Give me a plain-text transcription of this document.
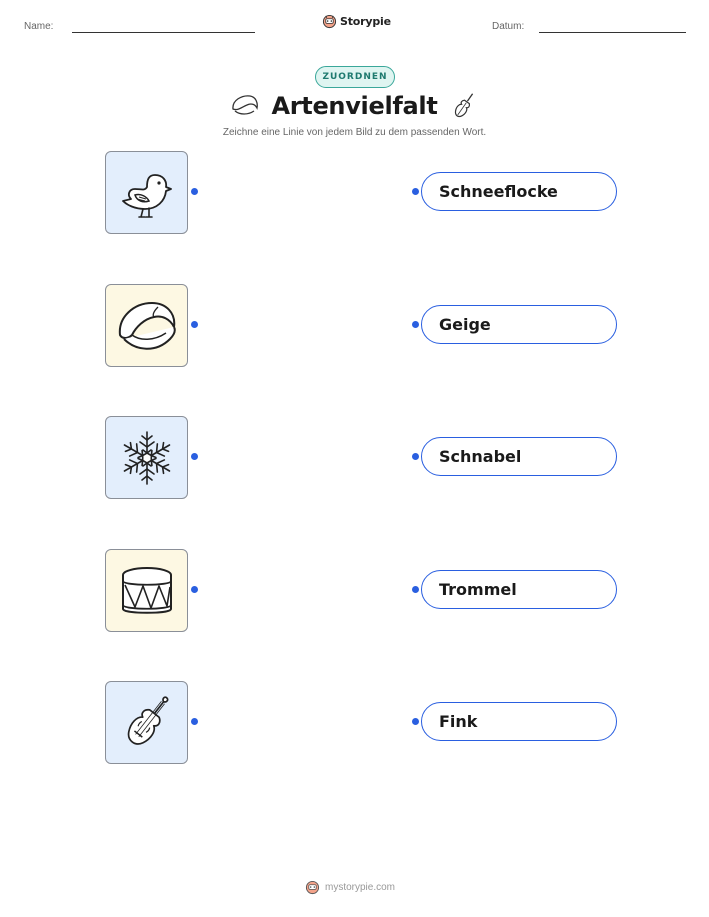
Name:	Storypie	Datum:
ZUORDNEN
Artenvielfalt
Zeichne eine Linie von jedem Bild zu dem passenden Wort.
Schneeflocke
Geige
Schnabel
Trommel
Fink
mystorypie.com
